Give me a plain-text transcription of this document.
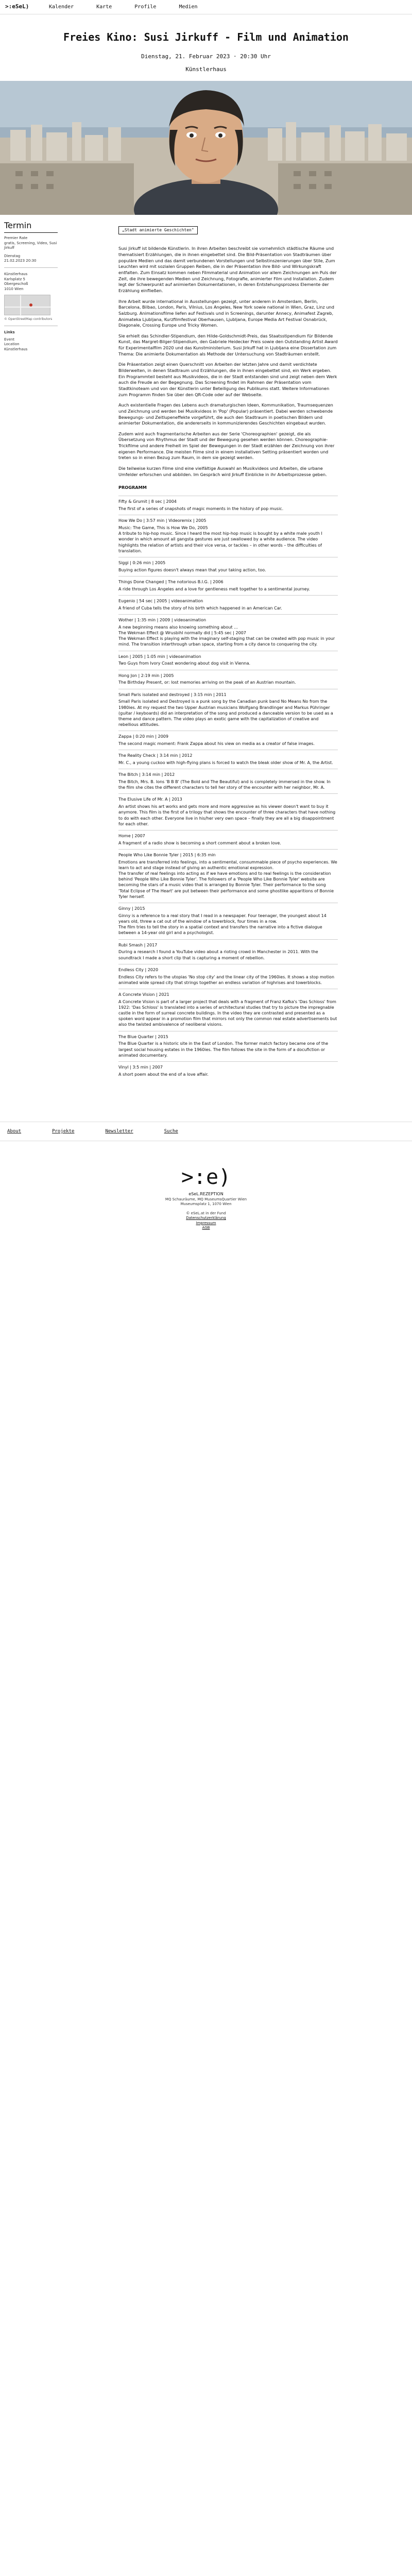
>:eSeL)	Kalender	Karte	Profile	Medien
Freies Kino: Susi Jirkuff - Film und Animation
Dienstag, 21. Februar 2023 · 20:30 Uhr
Künstlerhaus
Termin
Premier Rate
gratis, Screening, Video, Susi Jirkuff
Dienstag
21.02.2023 20:30
Künstlerhaus
Karlsplatz 5
Obergeschoß
1010 Wien
© OpenStreetMap contributors
Links
Event
Location
Künstlerhaus
„Stadt animierte Geschichten"

Susi Jirkuff ist bildende Künstlerin. In ihren Arbeiten beschreibt sie vornehmlich städtische Räume und thematisiert Erzählungen, die in ihnen eingebettet sind. Die Bild-Präsentation von Stadträumen über populäre Medien und das damit verbundenen Vorstellungen und Selbstinszenierungen über Stile, Zum Leuchten wird mit sozialen Gruppen Reiben, die in der Präsentation ihre Bild- und Wirkungskraft entfalten. Zum Einsatz kommen neben Filmmaterial und Animation vor allem Zeichnungen am Puls der Zeit, die ihre bewegenden Medien und Zeichnung, Fotografie, animierter Film und Installation. Zudem legt der Schwerpunkt auf animierten Dokumentationen, in deren Entstehungsprozess Elemente der Erzählung einfließen.

Ihre Arbeit wurde international in Ausstellungen gezeigt, unter anderem in Amsterdam, Berlin, Barcelona, Bilbao, London, Paris, Vilnius, Los Angeles, New York sowie national in Wien, Graz, Linz und Salzburg. Animationsfilme liefen auf Festivals und in Screenings, darunter Annecy, Animafest Zagreb, Animateka Ljubljana, Kurzfilmfestival Oberhausen, Ljubljana, Europe Media Art Festival Osnabrück, Diagonale, Crossing Europe und Tricky Women.

Sie erhielt das Schindler-Stipendium, den Hilde-Goldschmidt-Preis, das Staatsstipendium für Bildende Kunst, das Margret-Bilger-Stipendium, den Gabriele Heidecker Preis sowie den Outstanding Artist Award für Experimentalfilm 2020 und das Kunstministerium. Susi Jirkuff hat in Ljubljana eine Dissertation zum Thema: Die animierte Dokumentation als Methode der Untersuchung von Stadträumen erstellt.

Die Präsentation zeigt einen Querschnitt von Arbeiten der letzten Jahre und damit verdichtete Bilderwelten, in denen Stadtraum und Erzählungen, die in ihnen eingebettet sind, ein Werk ergeben. Ein Programmteil besteht aus Musikvideos, die in der Stadt entstanden sind und zeigt neben dem Werk auch die Freude an der Begegnung. Das Screening findet im Rahmen der Präsentation vom Stadtkinoteam und von der Künstlerin unter Beteiligung des Publikums statt. Weitere Informationen zum Programm finden Sie über den QR-Code oder auf der Webseite.

Auch existentielle Fragen des Lebens auch dramaturgischen Ideen, Kommunikation, Traumsequenzen und Zeichnung und werden bei Musikvideos in 'Pop' (Popular) präsentiert. Dabei werden schwebende Bewegungs- und Zeitlupeneffekte vorgeführt, die auch den Stadtraum in poetischen Bildern und animierter Dokumentation, die andererseits in kommunizierendes Geschichten eingebaut wurden.

Zudem wird auch fragmentarische Arbeiten aus der Serie 'Choreographien' gezeigt, die als Übersetzung von Rhythmus der Stadt und der Bewegung gesehen werden können. Choreographie-Trickfilme und andere Freiheit im Spiel der Bewegungen in der Stadt erzählen der Zeichnung von ihrer eigenen Performance. Die meisten Filme sind in einem installativen Setting präsentiert worden und treten so in einen Bezug zum Raum, in dem sie gezeigt werden.

Die teilweise kurzen Filme sind eine vielfältige Auswahl an Musikvideos und Arbeiten, die urbane Umfelder erforschen und abbilden. Im Gespräch wird Jirkuff Einblicke in ihr Arbeitsprozesse geben.

PROGRAMM
Fifty & Grumit | 8 sec | 2004
The first of a series of snapshots of magic moments in the history of pop music.
How We Do | 3:57 min | Videoremix | 2005
Music: The Game, This is How We Do, 2005
A tribute to hip-hop music. Since I heard the most hip-hop music is bought by a white male youth I wonder in which amount all gangsta gestures are just swallowed by a white audience. The video highlights the relation of artists and their vice versa, or tackles – in other words – the difficulties of translation.
Siggi | 0:26 min | 2005
Buying action figures doesn't always mean that your taking action, too.
Things Done Changed | The notorious B.I.G. | 2006
A ride through Los Angeles and a love for gentleness melt together to a sentimental journey.
Eugenio | 54 sec | 2005 | videoanimation
A friend of Cuba tells the story of his birth which happened in an American Car.
Wother | 1:35 min | 2009 | videoanimation
A new beginning means also knowing something about ...
The Wekman Effect @ Wrusbihl normally did | 5:45 sec | 2007
The Wekman Effect is playing with the imaginary self-staging that can be created with pop music in your mind. The transition interthrough urban space, starting from a city dance to conquering the city.
Leon | 2005 | 1:05 min | videoanimation
Two Guys from Ivory Coast wondering about dog visit in Vienna.
Hong Jon | 2:19 min | 2005
The Birthday Present, or: lost memories arriving on the peak of an Austrian mountain.
Small Paris isolated and destroyed | 3:15 min | 2011
Small Paris isolated and Destroyed is a punk song by the Canadian punk band No Means No from the 1980ies. At my request the two Upper Austrian musicians Wolfgang Brandlinger and Markus Pühringer (guitar / keyboards) did an interpretation of the song and produced a danceable version to be used as a theme and dance pattern. The video plays an exotic game with the capitalization of creative and rebellious attitudes.
Zappa | 0:20 min | 2009
The second magic moment: Frank Zappa about his view on media as a creator of false images.
The Reality Check | 3:14 min | 2012
Mr. C., a young cuckoo with high-flying plans is forced to watch the bleak older show of Mr. A, the Artist.
The Bitch | 3:14 min | 2012
The Bitch, Mrs. B. Ions 'B B B' (The Bold and The Beautiful) and is completely immersed in the show. In the film she cites the different characters to tell her story of the encounter with her neighbor, Mr. A.
The Elusive Life of Mr. A | 2013
An artist shows his art works and gets more and more aggressive as his viewer doesn't want to buy it anymore. This film is the first of a trilogy that shows the encounter of three characters that have nothing to do with each other. Everyone live in his/her very own space – finally they are all a big disappointment for each other.
Home | 2007
A fragment of a radio show is becoming a short comment about a broken love.
People Who Like Bonnie Tyler | 2015 | 6:35 min
Emotions are transferred into feelings, into a sentimental, consummable piece of psycho experiences. We learn to act and stage instead of giving an authentic emotional expression.
The transfer of real feelings into acting as if we have emotions and to real feelings is the consideration behind 'People Who Like Bonnie Tyler'. The followers of a 'People Who Like Bonnie Tyler' website are becoming the stars of a music video that is arranged by Bonnie Tyler. Their performance to the song 'Total Eclipse of The Heart' are put between their performance and some ghostlike apparitions of Bonnie Tyler herself.
Ginny | 2015
Ginny is a reference to a real story that I read in a newspaper. Four teenager, the youngest about 14 years old, threw a cat out of the window of a towerblock, four times in a row.
The film tries to tell the story in a spatial context and transfers the narrative into a fictive dialogue between a 14-year old girl and a psychologist.
Rubi Smash | 2017
During a research I found a YouTube video about a rioting crowd in Manchester in 2011. With the soundtrack I made a short clip that is capturing a moment of rebellion.
Endless City | 2020
Endless City refers to the utopias 'No stop city' and the linear city of the 1960ies. It shows a stop motion animated wide spread city that strings together an endless variation of highrises and towerblocks.
A Concrete Vision | 2021
A Concrete Vision is part of a larger project that deals with a fragment of Franz Kafka's 'Das Schloss' from 1922: 'Das Schloss' is translated into a series of architectural studies that try to picture the impregnable castle in the form of surreal concrete buildings. In the video they are contrasted and presented as a spoken word appear in a promotion film that mirrors not only the common real estate advertisements but also the twisted ambivalence of neoliberal visions.
The Blue Quarter | 2015
The Blue Quarter is a historic site in the East of London. The former match factory became one of the largest social housing estates in the 1960ies. The film follows the site in the form of a docufiction or animated documentary.
Vinyl | 3:5 min | 2007
A short poem about the end of a love affair.
About	Projekte	Newsletter	Suche
>:e)
eSeL.REZEPTION
MQ Schauräume, MQ MuseumsQuartier Wien
Museumsplatz 1, 1070 Wien
© eSeL.at in der Fund
Datenschutzerklärung
Impressum
AGB
